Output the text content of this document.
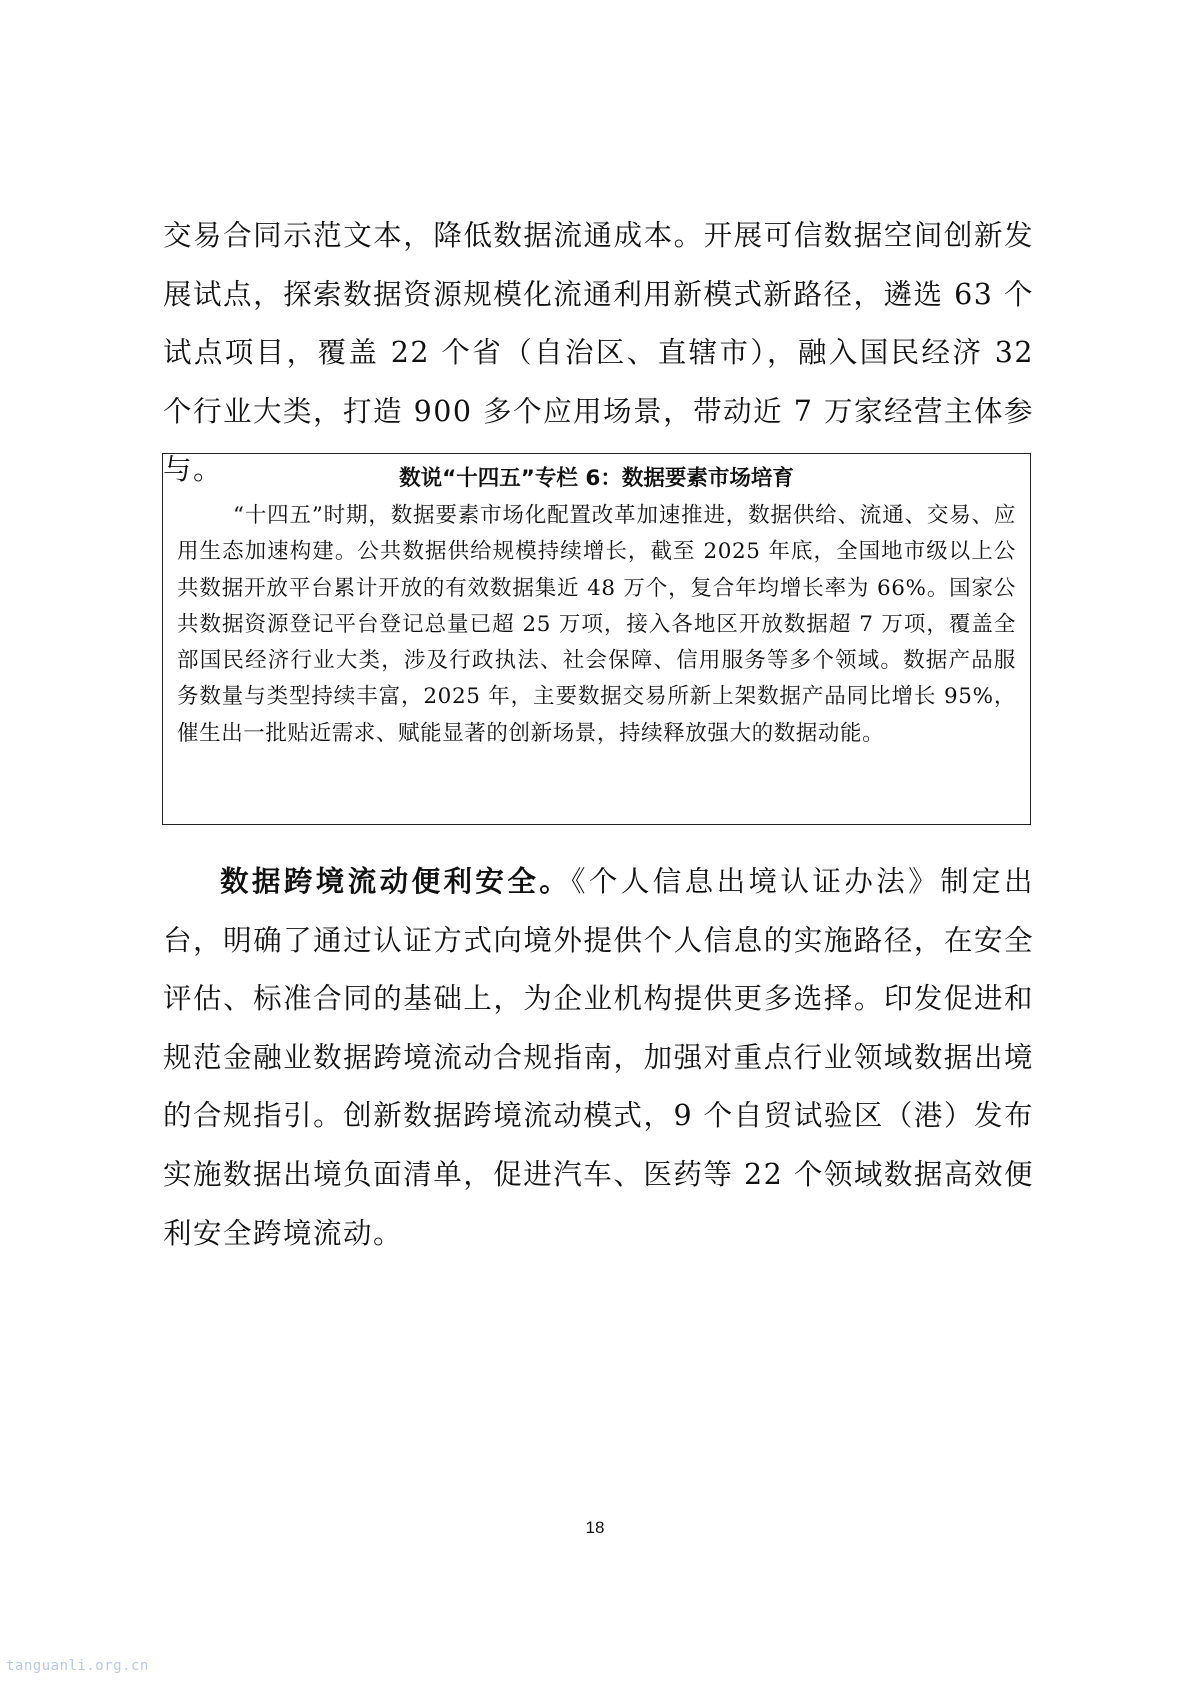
交易合同示范文本，降低数据流通成本。开展可信数据空间创新发展试点，探索数据资源规模化流通利用新模式新路径，遴选 63 个试点项目，覆盖 22 个省（自治区、直辖市），融入国民经济 32 个行业大类，打造 900 多个应用场景，带动近 7 万家经营主体参与。	数说“十四五”专栏 6：数据要素市场培育

“十四五”时期，数据要素市场化配置改革加速推进，数据供给、流通、交易、应用生态加速构建。公共数据供给规模持续增长，截至 2025 年底，全国地市级以上公共数据开放平台累计开放的有效数据集近 48 万个，复合年均增长率为 66%。国家公共数据资源登记平台登记总量已超 25 万项，接入各地区开放数据超 7 万项，覆盖全部国民经济行业大类，涉及行政执法、社会保障、信用服务等多个领域。数据产品服务数量与类型持续丰富，2025 年，主要数据交易所新上架数据产品同比增长 95%，催生出一批贴近需求、赋能显著的创新场景，持续释放强大的数据动能。

数据跨境流动便利安全。《个人信息出境认证办法》制定出台，明确了通过认证方式向境外提供个人信息的实施路径，在安全评估、标准合同的基础上，为企业机构提供更多选择。印发促进和规范金融业数据跨境流动合规指南，加强对重点行业领域数据出境的合规指引。创新数据跨境流动模式，9 个自贸试验区（港）发布实施数据出境负面清单，促进汽车、医药等 22 个领域数据高效便利安全跨境流动。

18
tanguanli.org.cn
